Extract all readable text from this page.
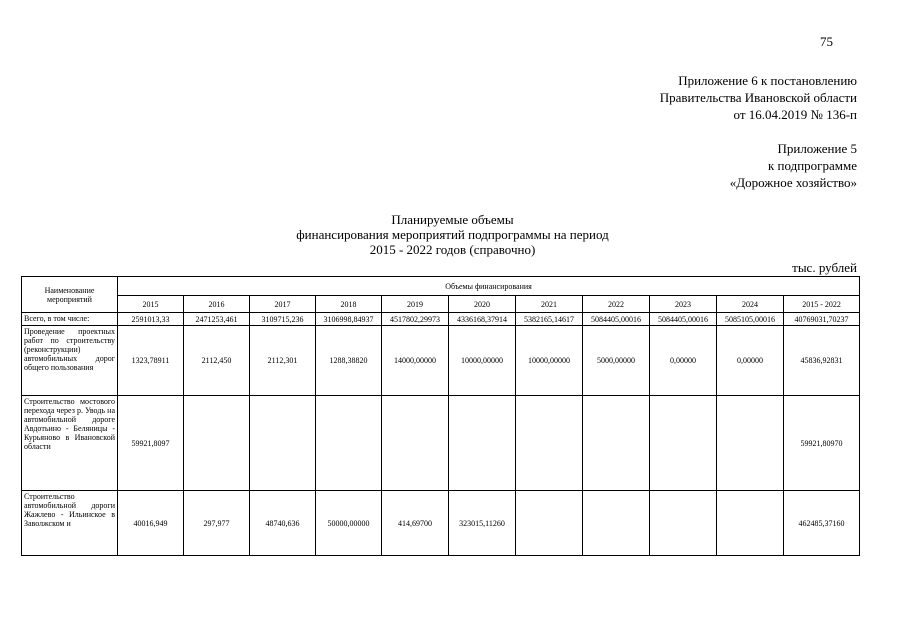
75
Приложение 6 к постановлению
Правительства Ивановской области
от 16.04.2019 № 136-п
Приложение 5
к подпрограмме
«Дорожное хозяйство»
Планируемые объемы
финансирования мероприятий подпрограммы на период
2015 - 2022 годов (справочно)
тыс. рублей
Наименование мероприятий	Объемы финансирования										
	2015	2016	2017	2018	2019	2020	2021	2022	2023	2024	2015 - 2022
Всего, в том числе:	2591013,33	2471253,461	3109715,236	3106998,84937	4517802,29973	4336168,37914	5382165,14617	5084405,00016	5084405,00016	5085105,00016	40769031,70237
Проведение проектных работ по строительству (реконструкции) автомобильных дорог общего пользования	1323,78911	2112,450	2112,301	1288,38820	14000,00000	10000,00000	10000,00000	5000,00000	0,00000	0,00000	45836,92831
Строительство мостового перехода через р. Уводь на автомобильной дороге Авдотьино - Беляницы - Курьяново в Ивановской области	59921,8097										59921,80970
Строительство автомобильной дороги Жажлево - Ильинское в Заволжском и	40016,949	297,977	48740,636	50000,00000	414,69700	323015,11260					462485,37160
